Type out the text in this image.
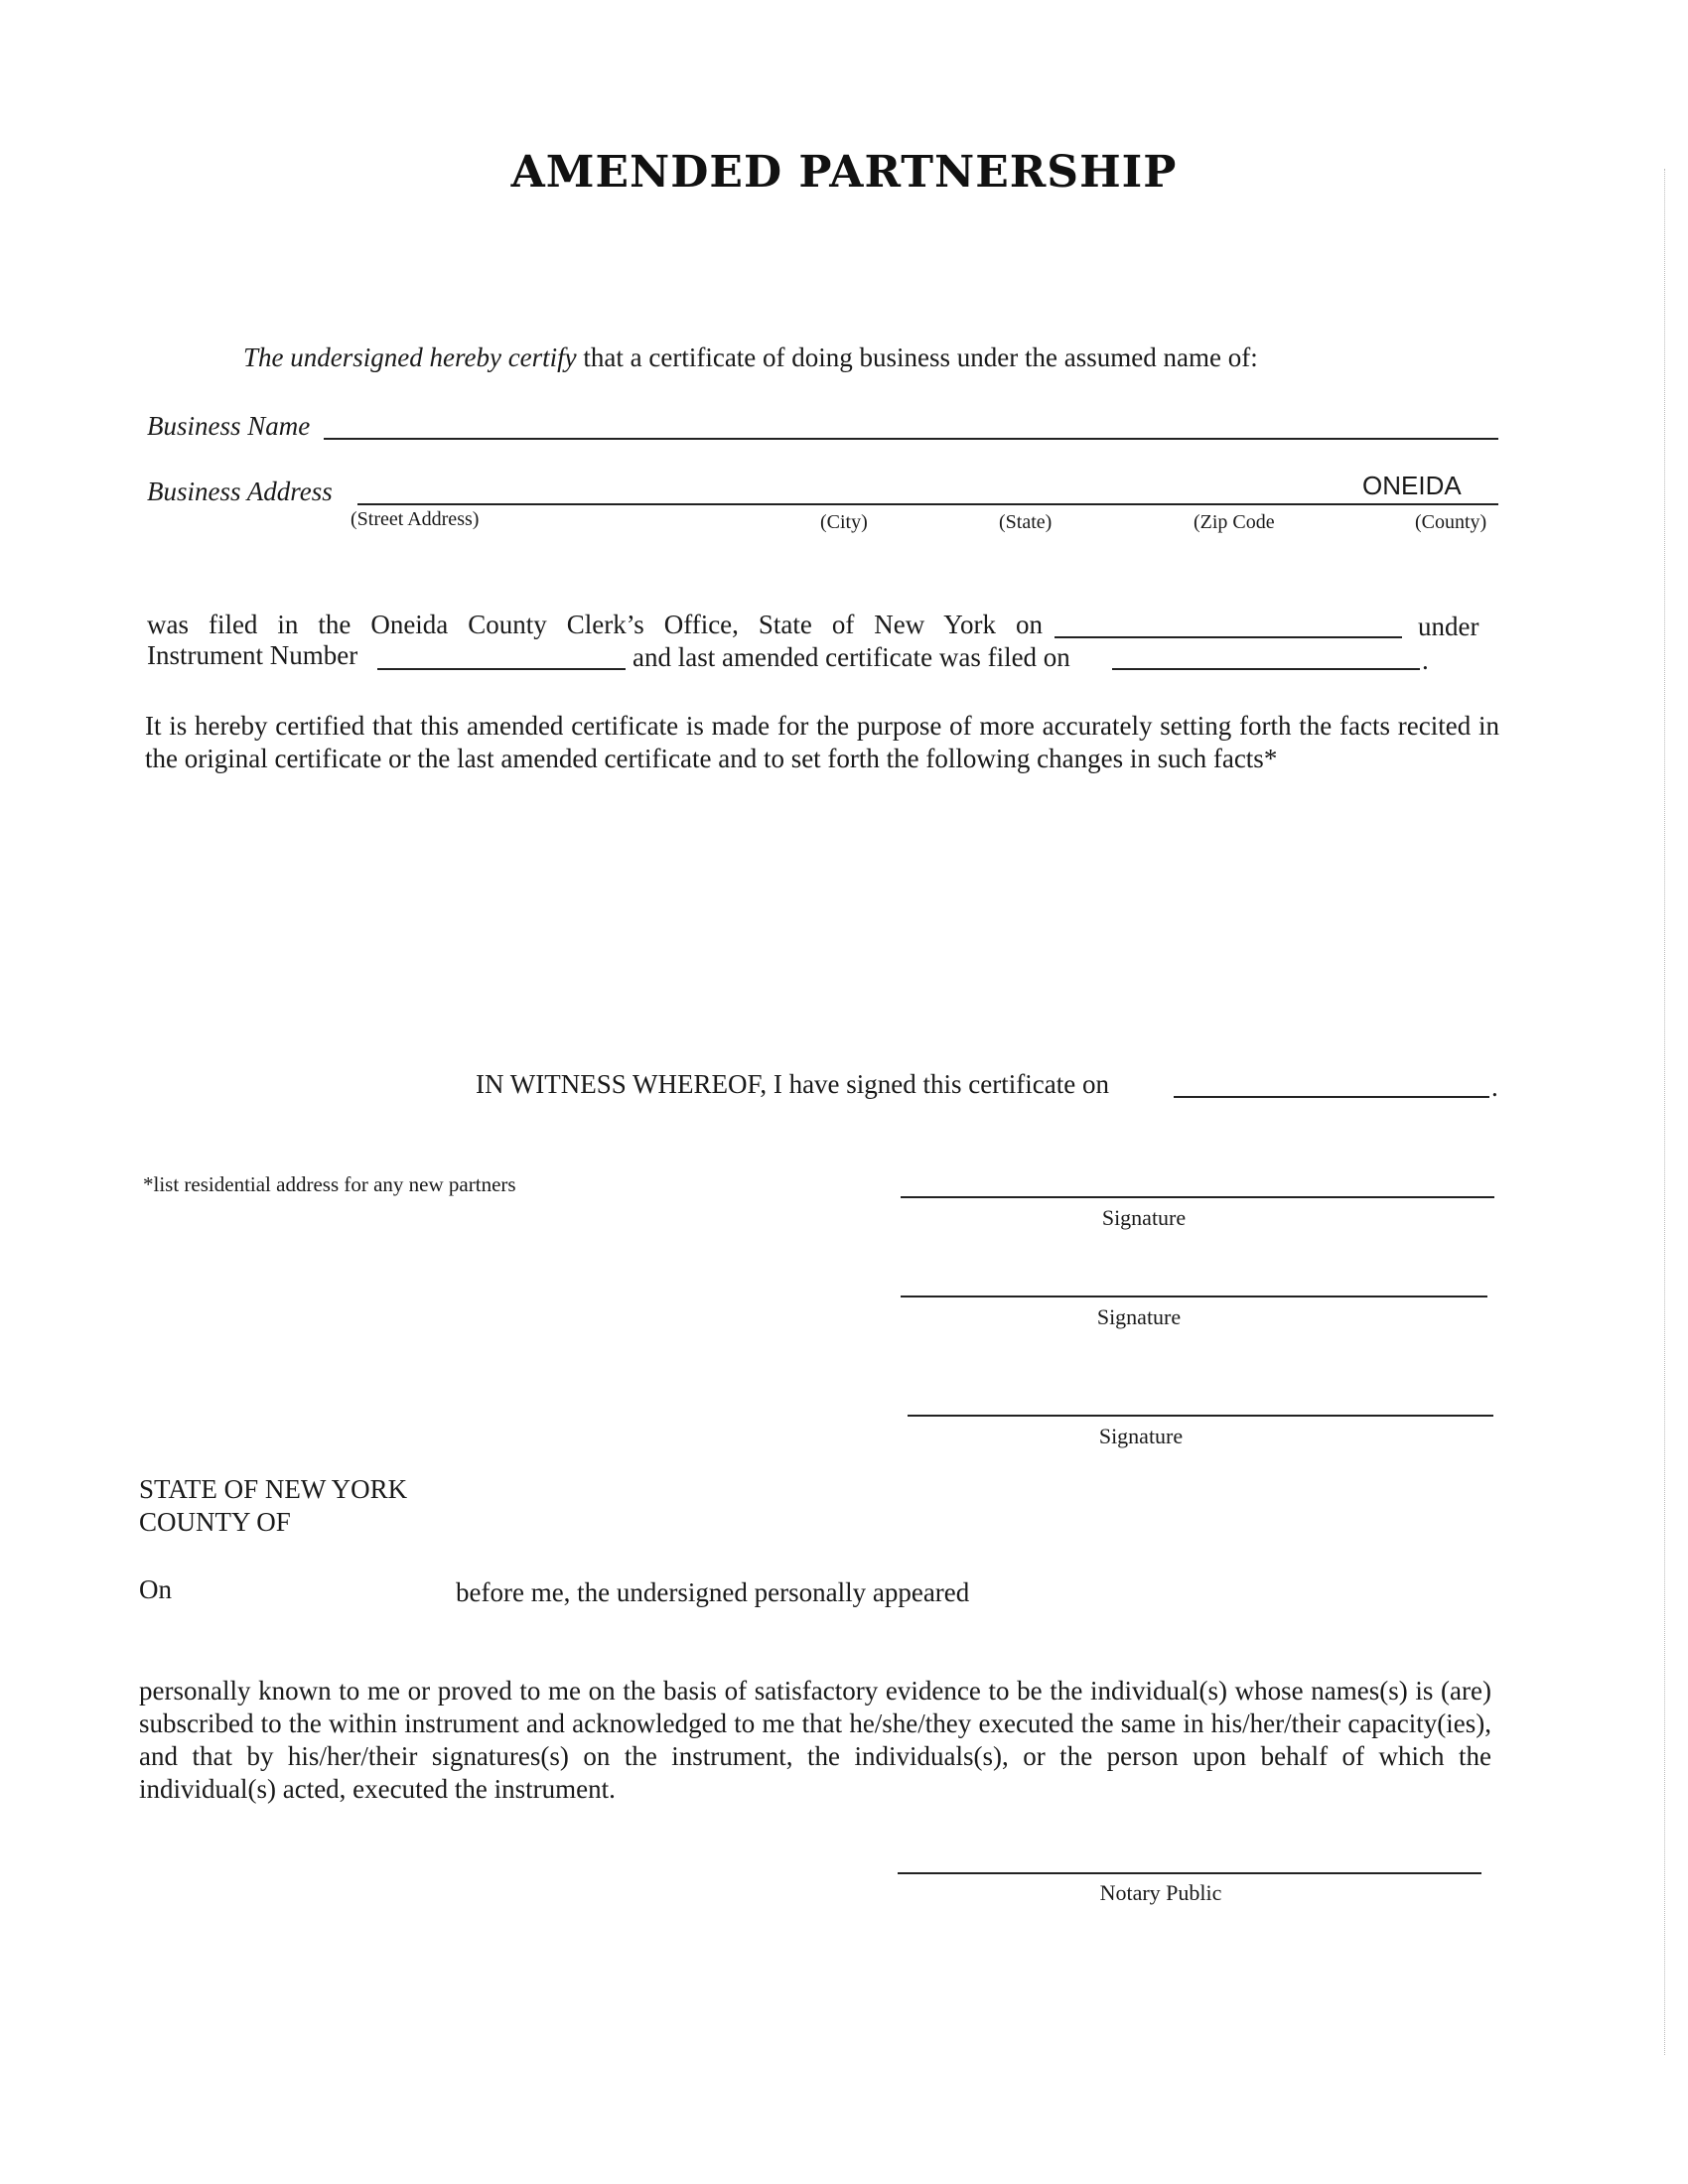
AMENDED PARTNERSHIP
The undersigned hereby certify that a certificate of doing business under the assumed name of:
Business Name
Business Address	ONEIDA
(Street Address)	(City)	(State)	(Zip Code	(County)
was filed in the Oneida County Clerk’s Office, State of New York on	under
Instrument Number	and last amended certificate was filed on	.
It is hereby certified that this amended certificate is made for the purpose of more accurately setting forth the facts recited in the original certificate or the last amended certificate and to set forth the following changes in such facts*
IN WITNESS WHEREOF, I have signed this certificate on	.
*list residential address for any new partners
Signature
Signature
Signature
STATE OF NEW YORK
COUNTY OF
On	before me, the undersigned personally appeared
personally known to me or proved to me on the basis of satisfactory evidence to be the individual(s) whose names(s) is (are) subscribed to the within instrument and acknowledged to me that he/she/they executed the same in his/her/their capacity(ies), and that by his/her/their signatures(s) on the instrument, the individuals(s), or the person upon behalf of which the individual(s) acted, executed the instrument.
Notary Public
